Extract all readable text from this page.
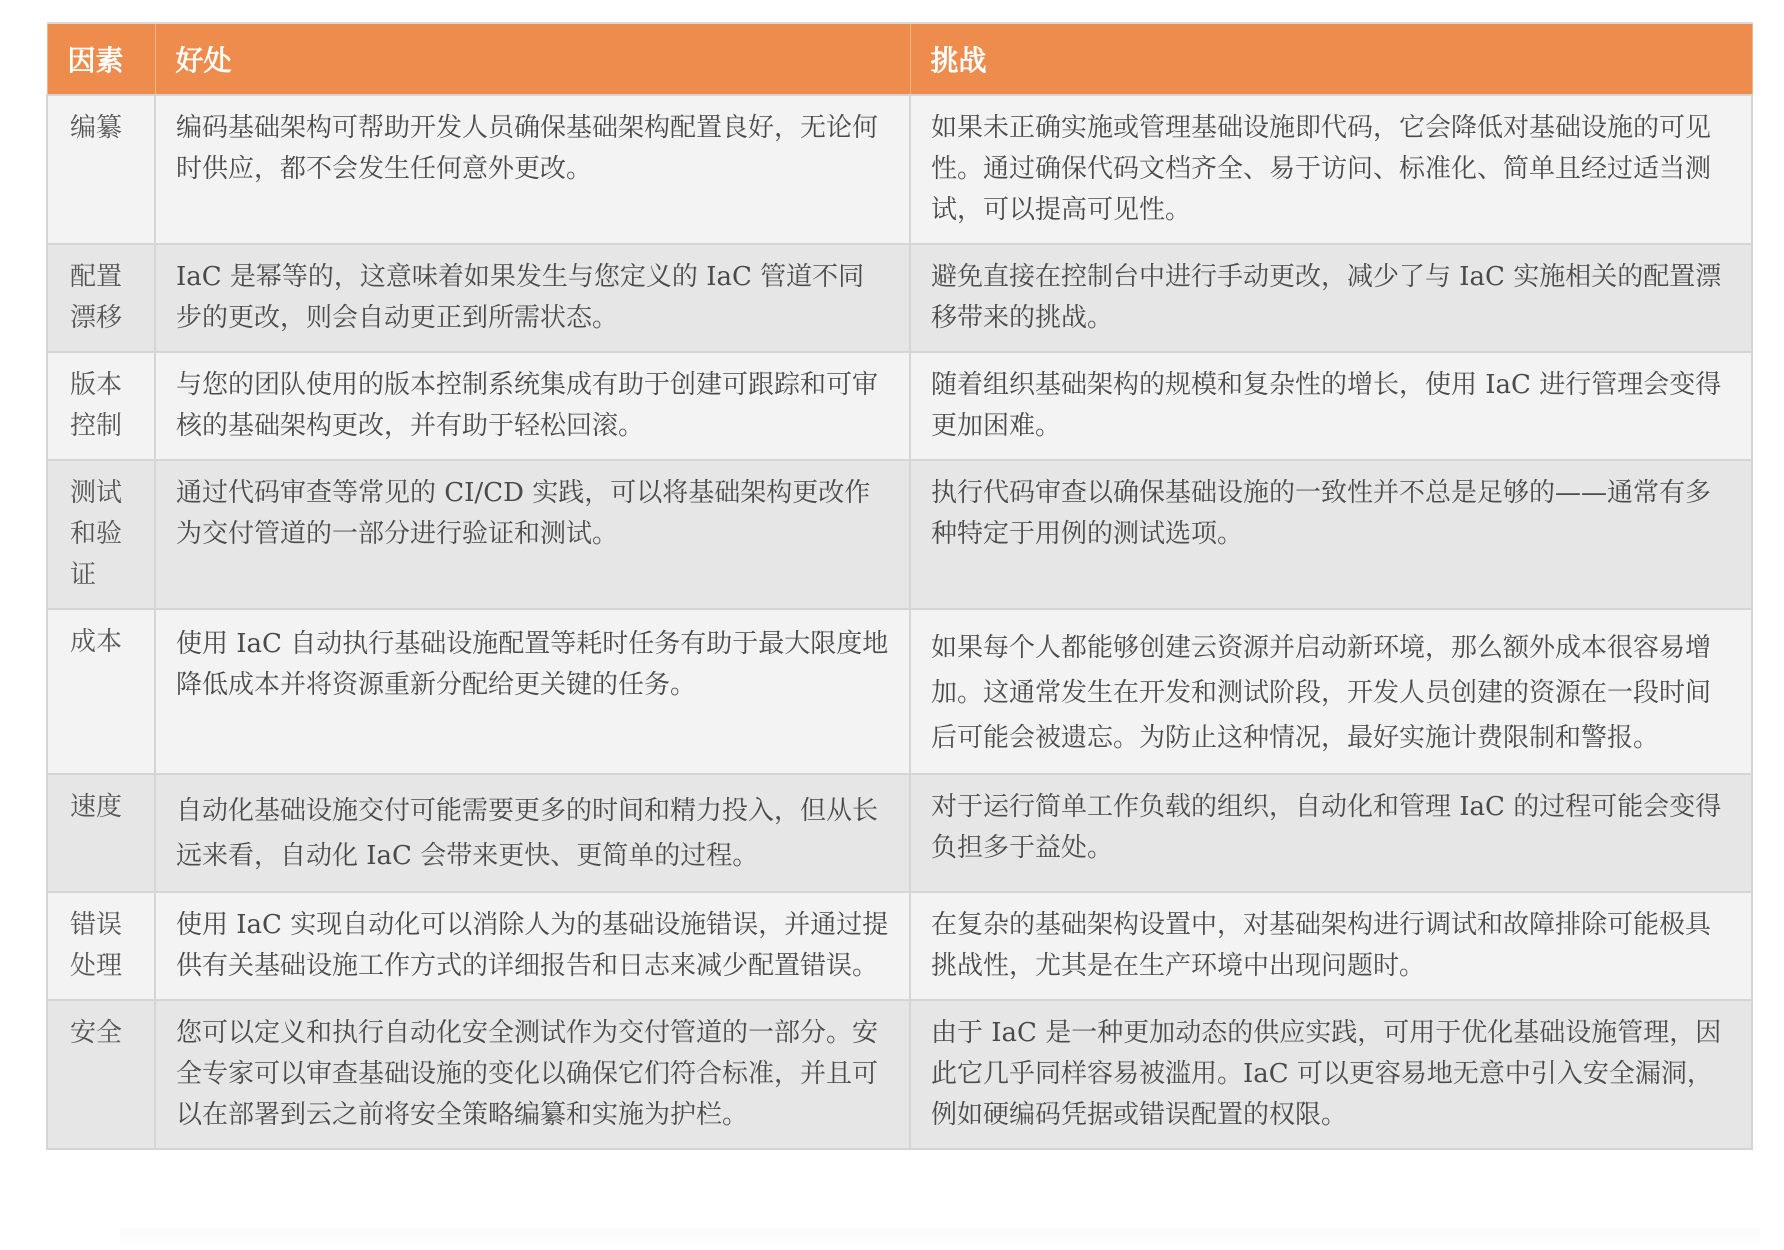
因素	好处	挑战
编纂	编码基础架构可帮助开发人员确保基础架构配置良好，无论何时供应，都不会发生任何意外更改。	如果未正确实施或管理基础设施即代码，它会降低对基础设施的可见性。通过确保代码文档齐全、易于访问、标准化、简单且经过适当测试，可以提高可见性。
配置漂移	IaC 是幂等的，这意味着如果发生与您定义的 IaC 管道不同步的更改，则会自动更正到所需状态。	避免直接在控制台中进行手动更改，减少了与 IaC 实施相关的配置漂移带来的挑战。
版本控制	与您的团队使用的版本控制系统集成有助于创建可跟踪和可审核的基础架构更改，并有助于轻松回滚。	随着组织基础架构的规模和复杂性的增长，使用 IaC 进行管理会变得更加困难。
测试和验证	通过代码审查等常见的 CI/CD 实践，可以将基础架构更改作为交付管道的一部分进行验证和测试。	执行代码审查以确保基础设施的一致性并不总是足够的——通常有多种特定于用例的测试选项。
成本	使用 IaC 自动执行基础设施配置等耗时任务有助于最大限度地降低成本并将资源重新分配给更关键的任务。	如果每个人都能够创建云资源并启动新环境，那么额外成本很容易增加。这通常发生在开发和测试阶段，开发人员创建的资源在一段时间后可能会被遗忘。为防止这种情况，最好实施计费限制和警报。
速度	自动化基础设施交付可能需要更多的时间和精力投入，但从长远来看，自动化 IaC 会带来更快、更简单的过程。	对于运行简单工作负载的组织，自动化和管理 IaC 的过程可能会变得负担多于益处。
错误处理	使用 IaC 实现自动化可以消除人为的基础设施错误，并通过提供有关基础设施工作方式的详细报告和日志来减少配置错误。	在复杂的基础架构设置中，对基础架构进行调试和故障排除可能极具挑战性，尤其是在生产环境中出现问题时。
安全	您可以定义和执行自动化安全测试作为交付管道的一部分。安全专家可以审查基础设施的变化以确保它们符合标准，并且可以在部署到云之前将安全策略编纂和实施为护栏。	由于 IaC 是一种更加动态的供应实践，可用于优化基础设施管理，因此它几乎同样容易被滥用。IaC 可以更容易地无意中引入安全漏洞，例如硬编码凭据或错误配置的权限。
